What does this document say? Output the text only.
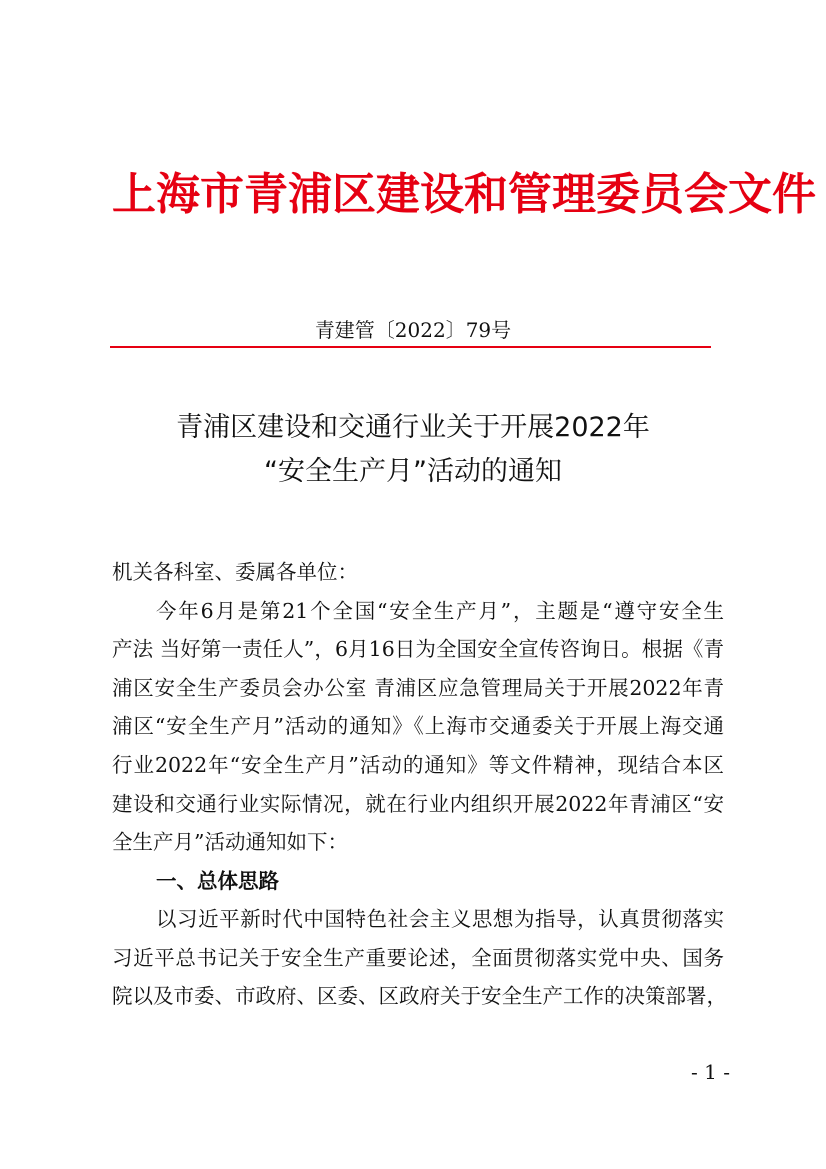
上海市青浦区建设和管理委员会文件
青建管〔2022〕79号
青浦区建设和交通行业关于开展2022年
“安全生产月”活动的通知
机关各科室、委属各单位：
今年6月是第21个全国“安全生产月”，主题是“遵守安全生
产法 当好第一责任人”，6月16日为全国安全宣传咨询日。根据《青
浦区安全生产委员会办公室 青浦区应急管理局关于开展2022年青
浦区“安全生产月”活动的通知》《上海市交通委关于开展上海交通
行业2022年“安全生产月”活动的通知》等文件精神，现结合本区
建设和交通行业实际情况，就在行业内组织开展2022年青浦区“安
全生产月”活动通知如下：
一、总体思路
以习近平新时代中国特色社会主义思想为指导，认真贯彻落实
习近平总书记关于安全生产重要论述，全面贯彻落实党中央、国务
院以及市委、市政府、区委、区政府关于安全生产工作的决策部署，
- 1 -
